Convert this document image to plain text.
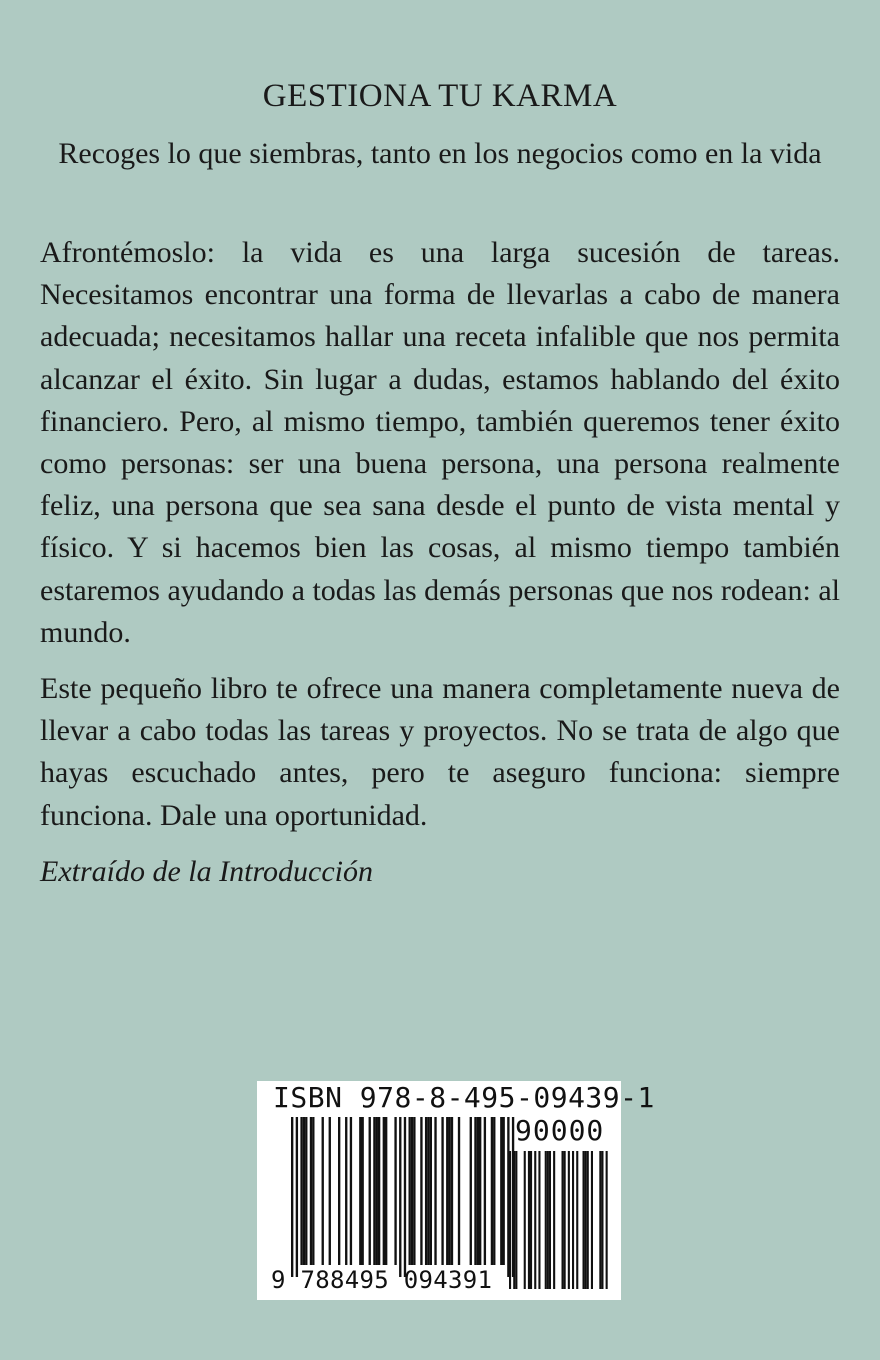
GESTIONA TU KARMA
Recoges lo que siembras, tanto en los negocios como en la vida

Afrontémoslo: la vida es una larga sucesión de tareas. Necesitamos encontrar una forma de llevarlas a cabo de manera adecuada; necesitamos hallar una receta infalible que nos permita alcanzar el éxito. Sin lugar a dudas, estamos hablando del éxito financiero. Pero, al mismo tiempo, también queremos tener éxito como personas: ser una buena persona, una persona realmente feliz, una persona que sea sana desde el punto de vista mental y físico. Y si hacemos bien las cosas, al mismo tiempo también estaremos ayudando a todas las demás personas que nos rodean: al mundo.

Este pequeño libro te ofrece una manera completamente nueva de llevar a cabo todas las tareas y proyectos. No se trata de algo que hayas escuchado antes, pero te aseguro funciona: siempre funciona. Dale una oportunidad.

Extraído de la Introducción

ISBN 978-8-495-09439-1
90000
9 788495 094391
